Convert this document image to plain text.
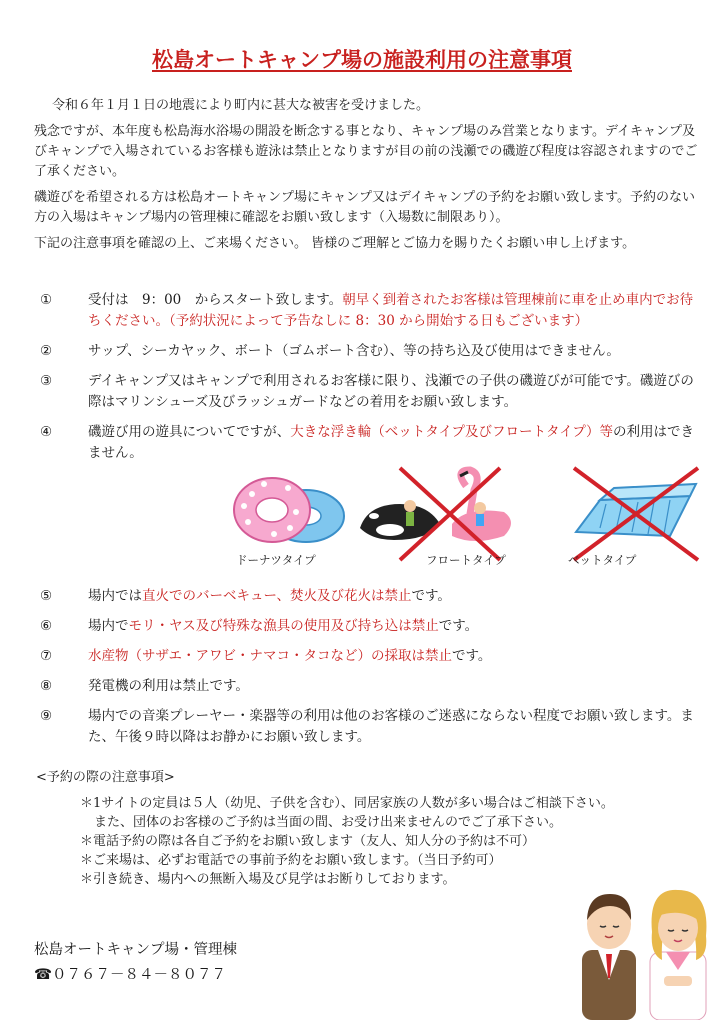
松島オートキャンプ場の施設利用の注意事項

令和６年１月１日の地震により町内に甚大な被害を受けました。

残念ですが、本年度も松島海水浴場の開設を断念する事となり、キャンプ場のみ営業となります。デイキャンプ及びキャンプで入場されているお客様も遊泳は禁止となりますが目の前の浅瀬での磯遊び程度は容認されますのでご了承ください。

磯遊びを希望される方は松島オートキャンプ場にキャンプ又はデイキャンプの予約をお願い致します。予約のない方の入場はキャンプ場内の管理棟に確認をお願い致します（入場数に制限あり）。

下記の注意事項を確認の上、ご来場ください。 皆様のご理解とご協力を賜りたくお願い申し上げます。

①	受付は　9：00　からスタート致します。朝早く到着されたお客様は管理棟前に車を止め車内でお待ちください。（予約状況によって予告なしに 8：30 から開始する日もございます）
②	サップ、シーカヤック、ボート（ゴムボート含む）、等の持ち込及び使用はできません。
③	デイキャンプ又はキャンプで利用されるお客様に限り、浅瀬での子供の磯遊びが可能です。磯遊びの際はマリンシューズ及びラッシュガードなどの着用をお願い致します。
④	磯遊び用の遊具についてですが、大きな浮き輪（ベットタイプ及びフロートタイプ）等の利用はできません。
ドーナツタイプ	フロートタイプ	ベットタイプ
⑤	場内では直火でのバーベキュー、焚火及び花火は禁止です。
⑥	場内でモリ・ヤス及び特殊な漁具の使用及び持ち込は禁止です。
⑦	水産物（サザエ・アワビ・ナマコ・タコなど）の採取は禁止です。
⑧	発電機の利用は禁止です。
⑨	場内での音楽プレーヤー・楽器等の利用は他のお客様のご迷惑にならない程度でお願い致します。また、午後９時以降はお静かにお願い致します。
<予約の際の注意事項>
＊1サイトの定員は５人（幼児、子供を含む）、同居家族の人数が多い場合はご相談下さい。
また、団体のお客様のご予約は当面の間、お受け出来ませんのでご了承下さい。
＊電話予約の際は各自ご予約をお願い致します（友人、知人分の予約は不可）
＊ご来場は、必ずお電話での事前予約をお願い致します。（当日予約可）
＊引き続き、場内への無断入場及び見学はお断りしております。
松島オートキャンプ場・管理棟
☎０７６７－８４－８０７７
